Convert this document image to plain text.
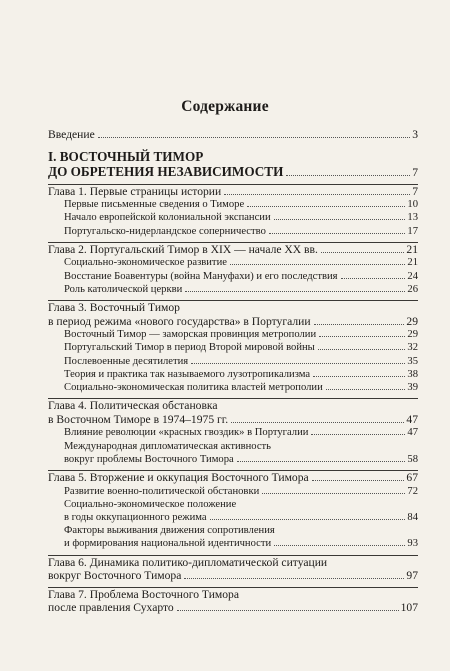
Содержание
Введение	3
I. ВОСТОЧНЫЙ ТИМОР
ДО ОБРЕТЕНИЯ НЕЗАВИСИМОСТИ	7
Глава 1. Первые страницы истории	7
Первые письменные сведения о Тиморе	10
Начало европейской колониальной экспансии	13
Португальско-нидерландское соперничество	17
Глава 2. Португальский Тимор в XIX — начале XX вв.	21
Социально-экономическое развитие	21
Восстание Боавентуры (война Мануфахи) и его последствия	24
Роль католической церкви	26
Глава 3. Восточный Тимор
в период режима «нового государства» в Португалии	29
Восточный Тимор — заморская провинция метрополии	29
Португальский Тимор в период Второй мировой войны	32
Послевоенные десятилетия	35
Теория и практика так называемого лузотропикализма	38
Социально-экономическая политика властей метрополии	39
Глава 4. Политическая обстановка
в Восточном Тиморе в 1974–1975 гг.	47
Влияние революции «красных гвоздик» в Португалии	47
Международная дипломатическая активность
вокруг проблемы Восточного Тимора	58
Глава 5. Вторжение и оккупация Восточного Тимора	67
Развитие военно-политической обстановки	72
Социально-экономическое положение
в годы оккупационного режима	84
Факторы выживания движения сопротивления
и формирования национальной идентичности	93
Глава 6. Динамика политико-дипломатической ситуации
вокруг Восточного Тимора	97
Глава 7. Проблема Восточного Тимора
после правления Сухарто	107
